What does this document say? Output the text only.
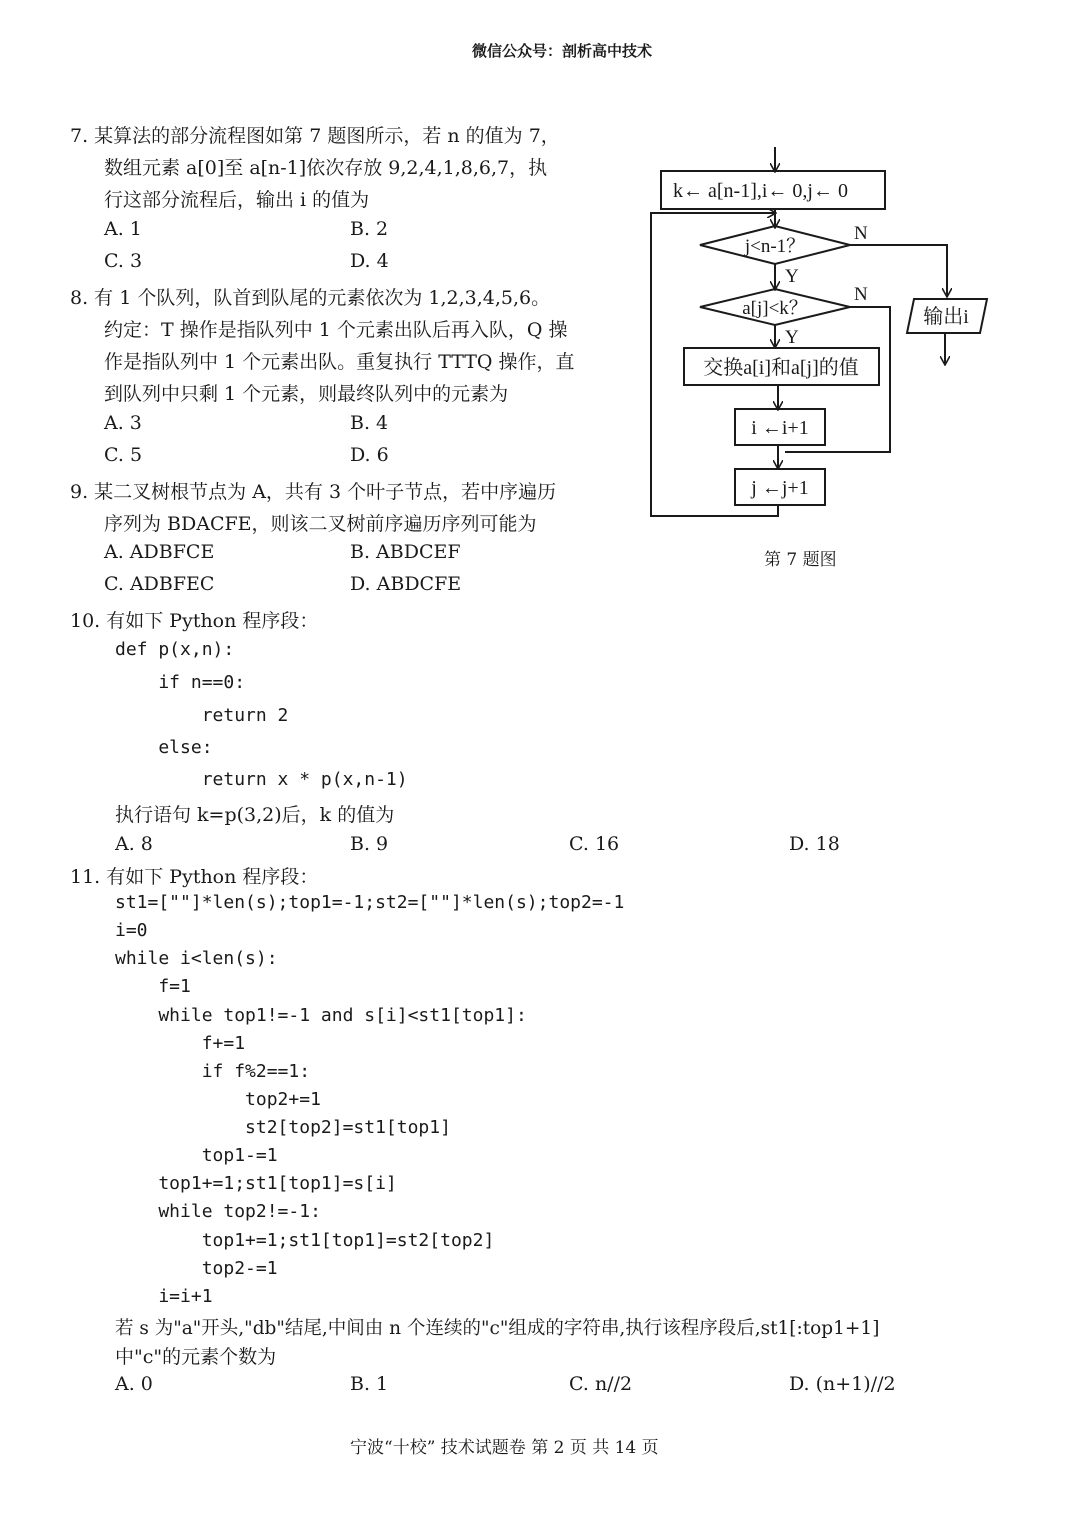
微信公众号：剖析高中技术
7. 某算法的部分流程图如第 7 题图所示，若 n 的值为 7，
数组元素 a[0]至 a[n-1]依次存放 9,2,4,1,8,6,7，执
行这部分流程后，输出 i 的值为
A. 1	B. 2
C. 3	D. 4
8. 有 1 个队列，队首到队尾的元素依次为 1,2,3,4,5,6。
约定：T 操作是指队列中 1 个元素出队后再入队，Q 操
作是指队列中 1 个元素出队。重复执行 TTTQ 操作，直
到队列中只剩 1 个元素，则最终队列中的元素为
A. 3	B. 4
C. 5	D. 6
9. 某二叉树根节点为 A，共有 3 个叶子节点，若中序遍历
序列为 BDACFE，则该二叉树前序遍历序列可能为
A. ADBFCE	B. ABDCEF
C. ADBFEC	D. ABDCFE
10. 有如下 Python 程序段：
def p(x,n):
if n==0:
return 2
else:
return x * p(x,n-1)
执行语句 k=p(3,2)后，k 的值为
A. 8	B. 9	C. 16	D. 18
11. 有如下 Python 程序段：
st1=[""]*len(s);top1=-1;st2=[""]*len(s);top2=-1
i=0
while i<len(s):
f=1
while top1!=-1 and s[i]<st1[top1]:
f+=1
if f%2==1:
top2+=1
st2[top2]=st1[top1]
top1-=1
top1+=1;st1[top1]=s[i]
while top2!=-1:
top1+=1;st1[top1]=st2[top2]
top2-=1
i=i+1
若 s 为"a"开头,"db"结尾,中间由 n 个连续的"c"组成的字符串,执行该程序段后,st1[:top1+1]
中"c"的元素个数为
A. 0	B. 1	C. n//2	D. (n+1)//2
k← a[n-1],i← 0,j← 0
j<n-1？
a[j]<k？
交换a[i]和a[j]的值
i ←i+1
j ←j+1
输出i
Y
N
Y
N
第 7 题图
宁波“十校” 技术试题卷 第 2 页 共 14 页
